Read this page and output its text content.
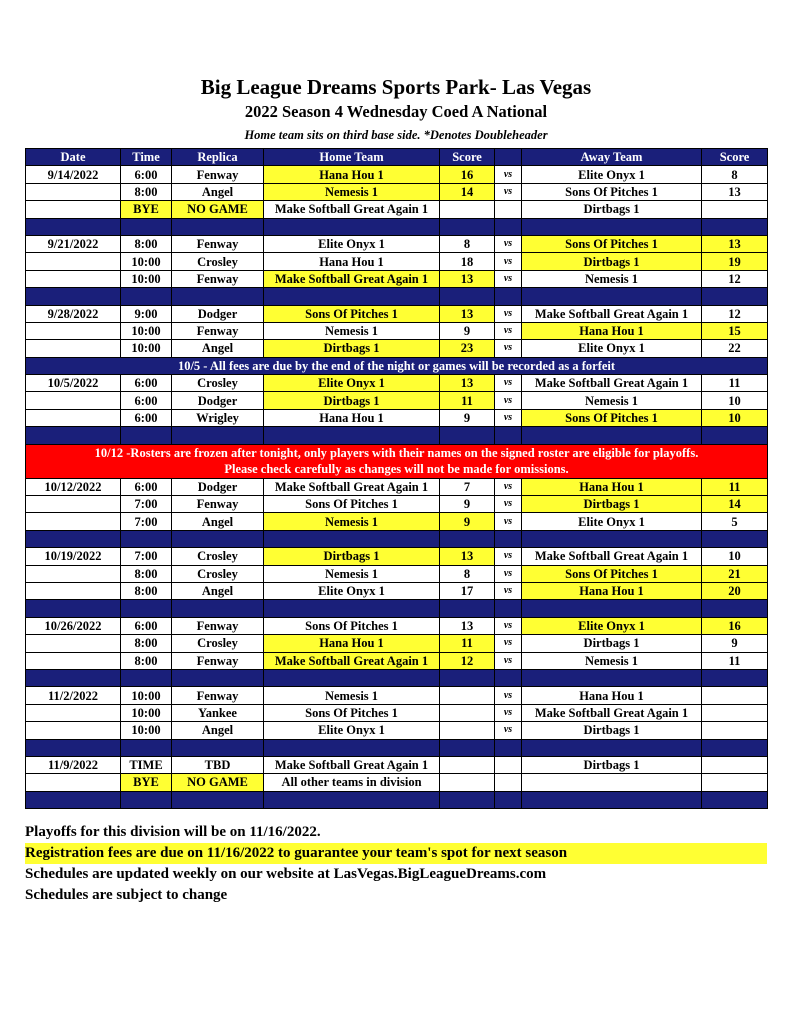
Big League Dreams Sports Park- Las Vegas
2022 Season 4 Wednesday Coed A National
Home team sits on third base side. *Denotes Doubleheader
Date	Time	Replica	Home Team	Score		Away Team	Score
9/14/2022	6:00	Fenway	Hana Hou 1	16	vs	Elite Onyx 1	8
	8:00	Angel	Nemesis 1	14	vs	Sons Of Pitches 1	13
	BYE	NO GAME	Make Softball Great Again 1			Dirtbags 1	

9/21/2022	8:00	Fenway	Elite Onyx 1	8	vs	Sons Of Pitches 1	13
	10:00	Crosley	Hana Hou 1	18	vs	Dirtbags 1	19
	10:00	Fenway	Make Softball Great Again 1	13	vs	Nemesis 1	12

9/28/2022	9:00	Dodger	Sons Of Pitches 1	13	vs	Make Softball Great Again 1	12
	10:00	Fenway	Nemesis 1	9	vs	Hana Hou 1	15
	10:00	Angel	Dirtbags 1	23	vs	Elite Onyx 1	22
10/5 - All fees are due by the end of the night or games will be recorded as a forfeit							
10/5/2022	6:00	Crosley	Elite Onyx 1	13	vs	Make Softball Great Again 1	11
	6:00	Dodger	Dirtbags 1	11	vs	Nemesis 1	10
	6:00	Wrigley	Hana Hou 1	9	vs	Sons Of Pitches 1	10

10/12 -Rosters are frozen after tonight, only players with their names on the signed roster are eligible for playoffs.
Please check carefully as changes will not be made for omissions.							

10/12/2022	6:00	Dodger	Make Softball Great Again 1	7	vs	Hana Hou 1	11
	7:00	Fenway	Sons Of Pitches 1	9	vs	Dirtbags 1	14
	7:00	Angel	Nemesis 1	9	vs	Elite Onyx 1	5

10/19/2022	7:00	Crosley	Dirtbags 1	13	vs	Make Softball Great Again 1	10
	8:00	Crosley	Nemesis 1	8	vs	Sons Of Pitches 1	21
	8:00	Angel	Elite Onyx 1	17	vs	Hana Hou 1	20

10/26/2022	6:00	Fenway	Sons Of Pitches 1	13	vs	Elite Onyx 1	16
	8:00	Crosley	Hana Hou 1	11	vs	Dirtbags 1	9
	8:00	Fenway	Make Softball Great Again 1	12	vs	Nemesis 1	11

11/2/2022	10:00	Fenway	Nemesis 1		vs	Hana Hou 1	
	10:00	Yankee	Sons Of Pitches 1		vs	Make Softball Great Again 1	
	10:00	Angel	Elite Onyx 1		vs	Dirtbags 1	

11/9/2022	TIME	TBD	Make Softball Great Again 1			Dirtbags 1	
	BYE	NO GAME	All other teams in division				

Playoffs for this division will be on 11/16/2022.
Registration fees are due on 11/16/2022 to guarantee your team's spot for next season
Schedules are updated weekly on our website at LasVegas.BigLeagueDreams.com
Schedules are subject to change
